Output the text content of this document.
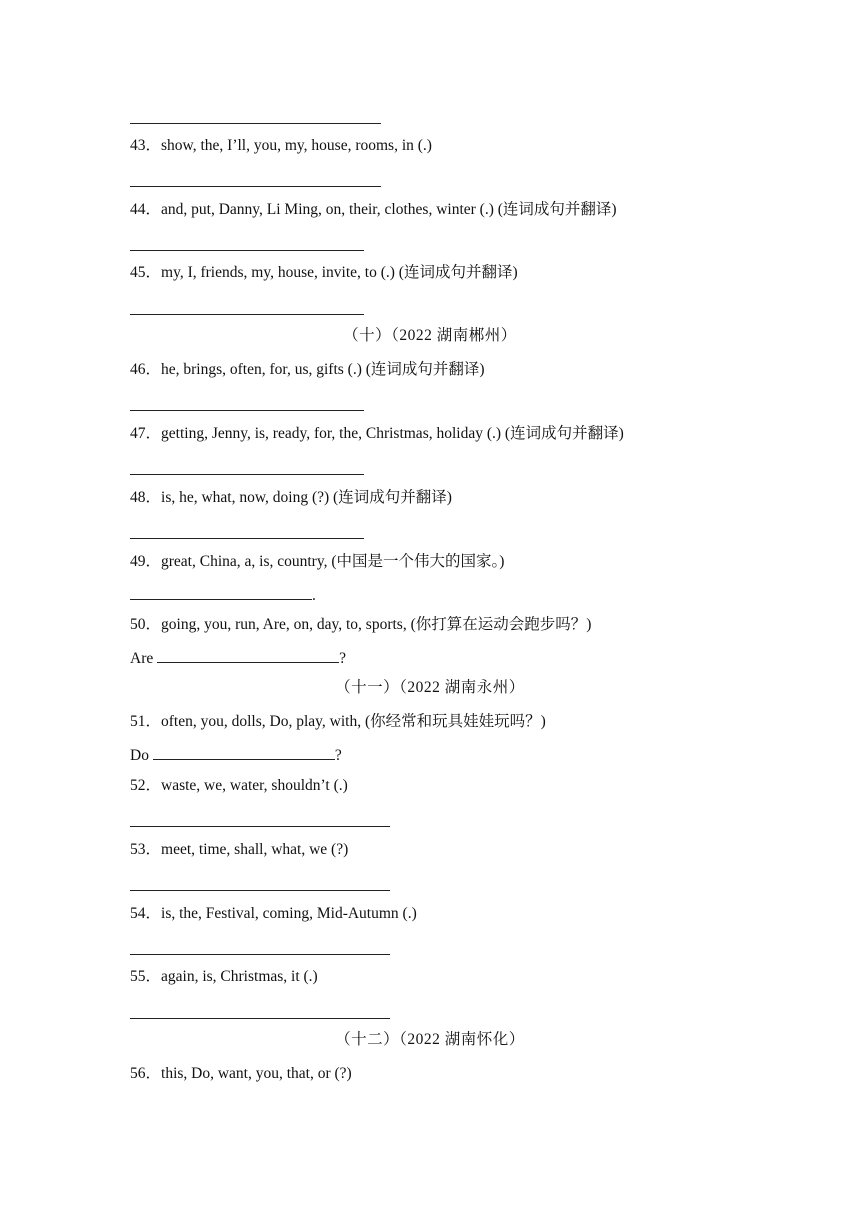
43．show, the, I’ll, you, my, house, rooms, in (.)
44．and, put, Danny, Li Ming, on, their, clothes, winter (.) (连词成句并翻译)
45．my, I, friends, my, house, invite, to (.) (连词成句并翻译)
（十）（2022 湖南郴州）
46．he, brings, often, for, us, gifts (.) (连词成句并翻译)
47．getting, Jenny, is, ready, for, the, Christmas, holiday (.) (连词成句并翻译)
48．is, he, what, now, doing (?) (连词成句并翻译)
49．great, China, a, is, country, (中国是一个伟大的国家。)
.
50．going, you, run, Are, on, day, to, sports, (你打算在运动会跑步吗？)
Are	?
（十一）（2022 湖南永州）
51．often, you, dolls, Do, play, with, (你经常和玩具娃娃玩吗？)
Do	?
52．waste, we, water, shouldn’t (.)
53．meet, time, shall, what, we (?)
54．is, the, Festival, coming, Mid-Autumn (.)
55．again, is, Christmas, it (.)
（十二）（2022 湖南怀化）
56．this, Do, want, you, that, or (?)
